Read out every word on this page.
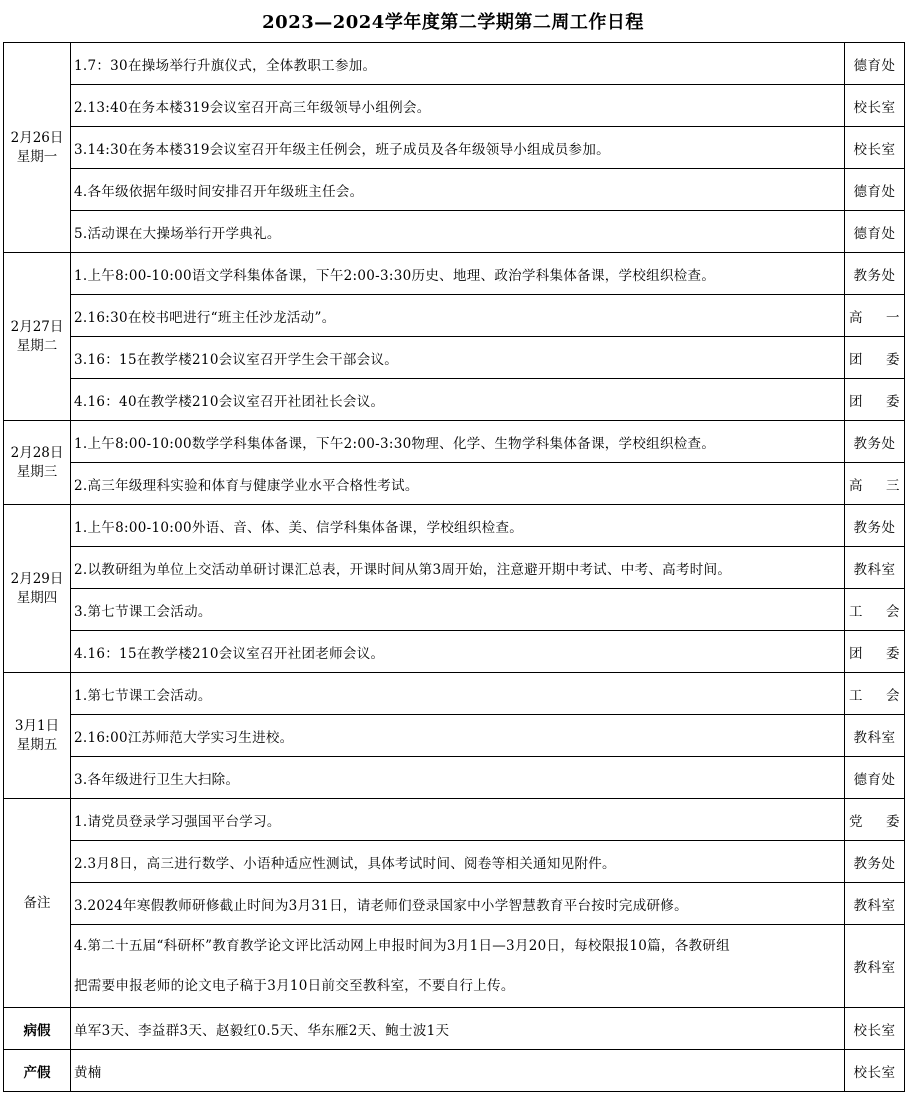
2023—2024学年度第二学期第二周工作日程
2月26日
星期一	1.7：30在操场举行升旗仪式，全体教职工参加。	德育处
	2.13:40在务本楼319会议室召开高三年级领导小组例会。	校长室
	3.14:30在务本楼319会议室召开年级主任例会，班子成员及各年级领导小组成员参加。	校长室
	4.各年级依据年级时间安排召开年级班主任会。	德育处
	5.活动课在大操场举行开学典礼。	德育处

2月27日
星期二	1.上午8:00-10:00语文学科集体备课，下午2:00-3:30历史、地理、政治学科集体备课，学校组织检查。	教务处
	2.16:30在校书吧进行“班主任沙龙活动”。	高 一
	3.16：15在教学楼210会议室召开学生会干部会议。	团 委
	4.16：40在教学楼210会议室召开社团社长会议。	团 委

2月28日
星期三	1.上午8:00-10:00数学学科集体备课，下午2:00-3:30物理、化学、生物学科集体备课，学校组织检查。	教务处
	2.高三年级理科实验和体育与健康学业水平合格性考试。	高 三

2月29日
星期四	1.上午8:00-10:00外语、音、体、美、信学科集体备课，学校组织检查。	教务处
	2.以教研组为单位上交活动单研讨课汇总表，开课时间从第3周开始，注意避开期中考试、中考、高考时间。	教科室
	3.第七节课工会活动。	工 会
	4.16：15在教学楼210会议室召开社团老师会议。	团 委

3月1日
星期五	1.第七节课工会活动。	工 会
	2.16:00江苏师范大学实习生进校。	教科室
	3.各年级进行卫生大扫除。	德育处
备注	1.请党员登录学习强国平台学习。	党 委
	2.3月8日，高三进行数学、小语种适应性测试，具体考试时间、阅卷等相关通知见附件。	教务处
	3.2024年寒假教师研修截止时间为3月31日，请老师们登录国家中小学智慧教育平台按时完成研修。	教科室

	4.第二十五届“科研杯”教育教学论文评比活动网上申报时间为3月1日—3月20日，每校限报10篇，各教研组
把需要申报老师的论文电子稿于3月10日前交至教科室，不要自行上传。	教科室
病假	单军3天、李益群3天、赵毅红0.5天、华东雁2天、鲍士波1天	校长室
产假	黄楠	校长室
